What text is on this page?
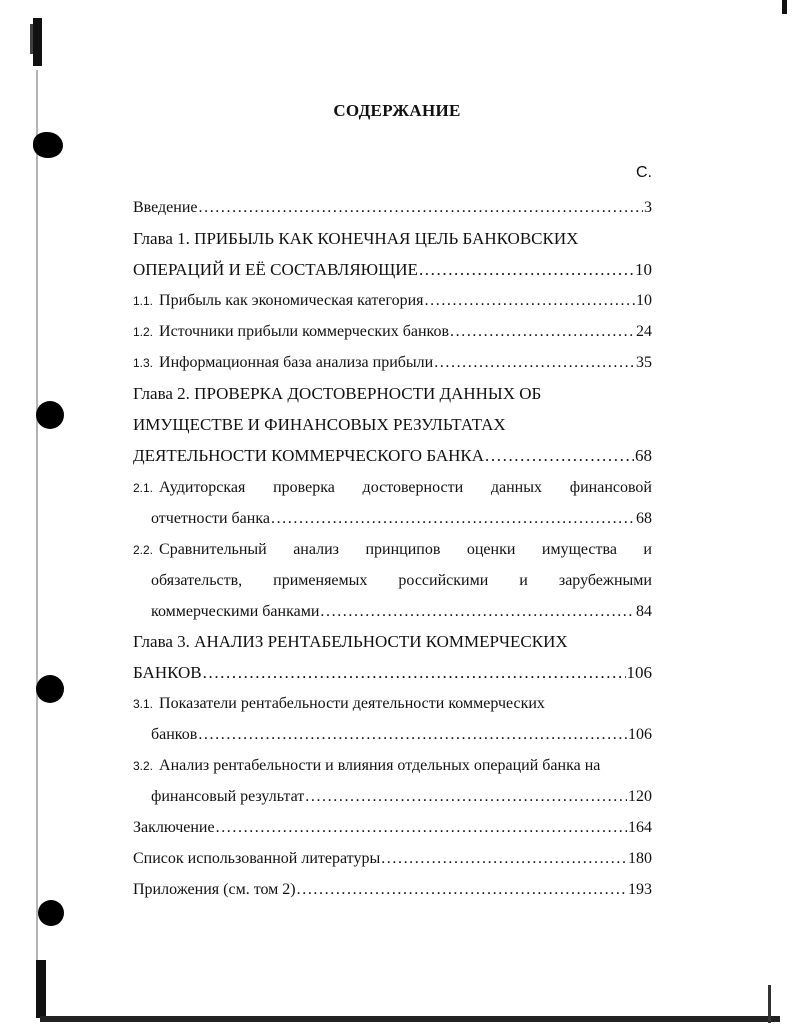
СОДЕРЖАНИЕ
С.
Введение .....	3
Глава 1. ПРИБЫЛЬ КАК КОНЕЧНАЯ ЦЕЛЬ БАНКОВСКИХ
ОПЕРАЦИЙ И ЕЁ СОСТАВЛЯЮЩИЕ .....	10
1.1. Прибыль как экономическая категория .....	10
1.2. Источники прибыли коммерческих банков .....	24
1.3. Информационная база анализа прибыли .....	35
Глава 2. ПРОВЕРКА ДОСТОВЕРНОСТИ ДАННЫХ ОБ
ИМУЩЕСТВЕ И ФИНАНСОВЫХ РЕЗУЛЬТАТАХ
ДЕЯТЕЛЬНОСТИ КОММЕРЧЕСКОГО БАНКА .....	68
2.1. Аудиторская проверка достоверности данных финансовой
отчетности банка .....	68
2.2. Сравнительный анализ принципов оценки имущества и
обязательств, применяемых российскими и зарубежными
коммерческими банками .....	84
Глава 3. АНАЛИЗ РЕНТАБЕЛЬНОСТИ КОММЕРЧЕСКИХ
БАНКОВ .....	106
3.1. Показатели рентабельности деятельности коммерческих
банков .....	106
3.2. Анализ рентабельности и влияния отдельных операций банка на
финансовый результат .....	120
Заключение .....	164
Список использованной литературы .....	180
Приложения (см. том 2) .....	193
